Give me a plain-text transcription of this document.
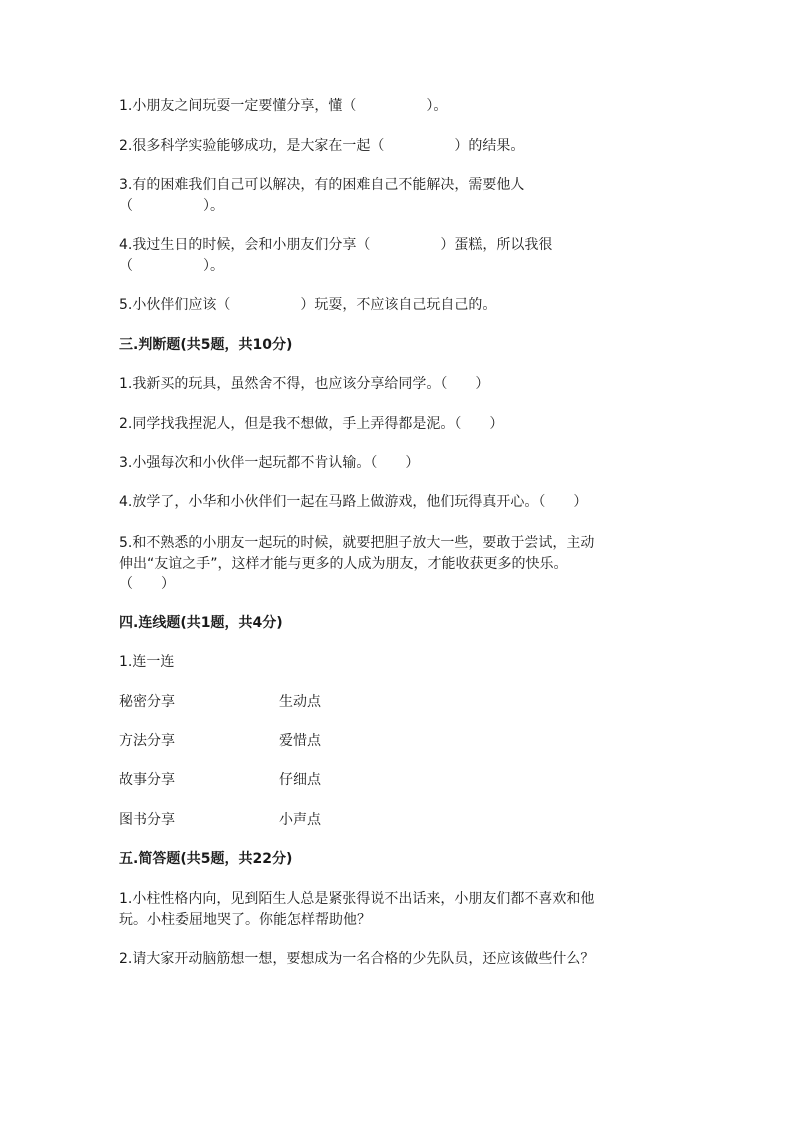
1.小朋友之间玩耍一定要懂分享，懂（　　　　　）。
2.很多科学实验能够成功，是大家在一起（　　　　　）的结果。
3.有的困难我们自己可以解决，有的困难自己不能解决，需要他人
（　　　　　）。
4.我过生日的时候，会和小朋友们分享（　　　　　）蛋糕，所以我很
（　　　　　）。
5.小伙伴们应该（　　　　　）玩耍，不应该自己玩自己的。
三.判断题(共5题，共10分)
1.我新买的玩具，虽然舍不得，也应该分享给同学。（　　）
2.同学找我捏泥人，但是我不想做，手上弄得都是泥。（　　）
3.小强每次和小伙伴一起玩都不肯认输。（　　）
4.放学了，小华和小伙伴们一起在马路上做游戏，他们玩得真开心。（　　）
5.和不熟悉的小朋友一起玩的时候，就要把胆子放大一些，要敢于尝试，主动
伸出“友谊之手”，这样才能与更多的人成为朋友，才能收获更多的快乐。
（　　）
四.连线题(共1题，共4分)
1.连一连
秘密分享	生动点
方法分享	爱惜点
故事分享	仔细点
图书分享	小声点
五.简答题(共5题，共22分)
1.小柱性格内向，见到陌生人总是紧张得说不出话来，小朋友们都不喜欢和他
玩。小柱委屈地哭了。你能怎样帮助他？
2.请大家开动脑筋想一想，要想成为一名合格的少先队员，还应该做些什么？
